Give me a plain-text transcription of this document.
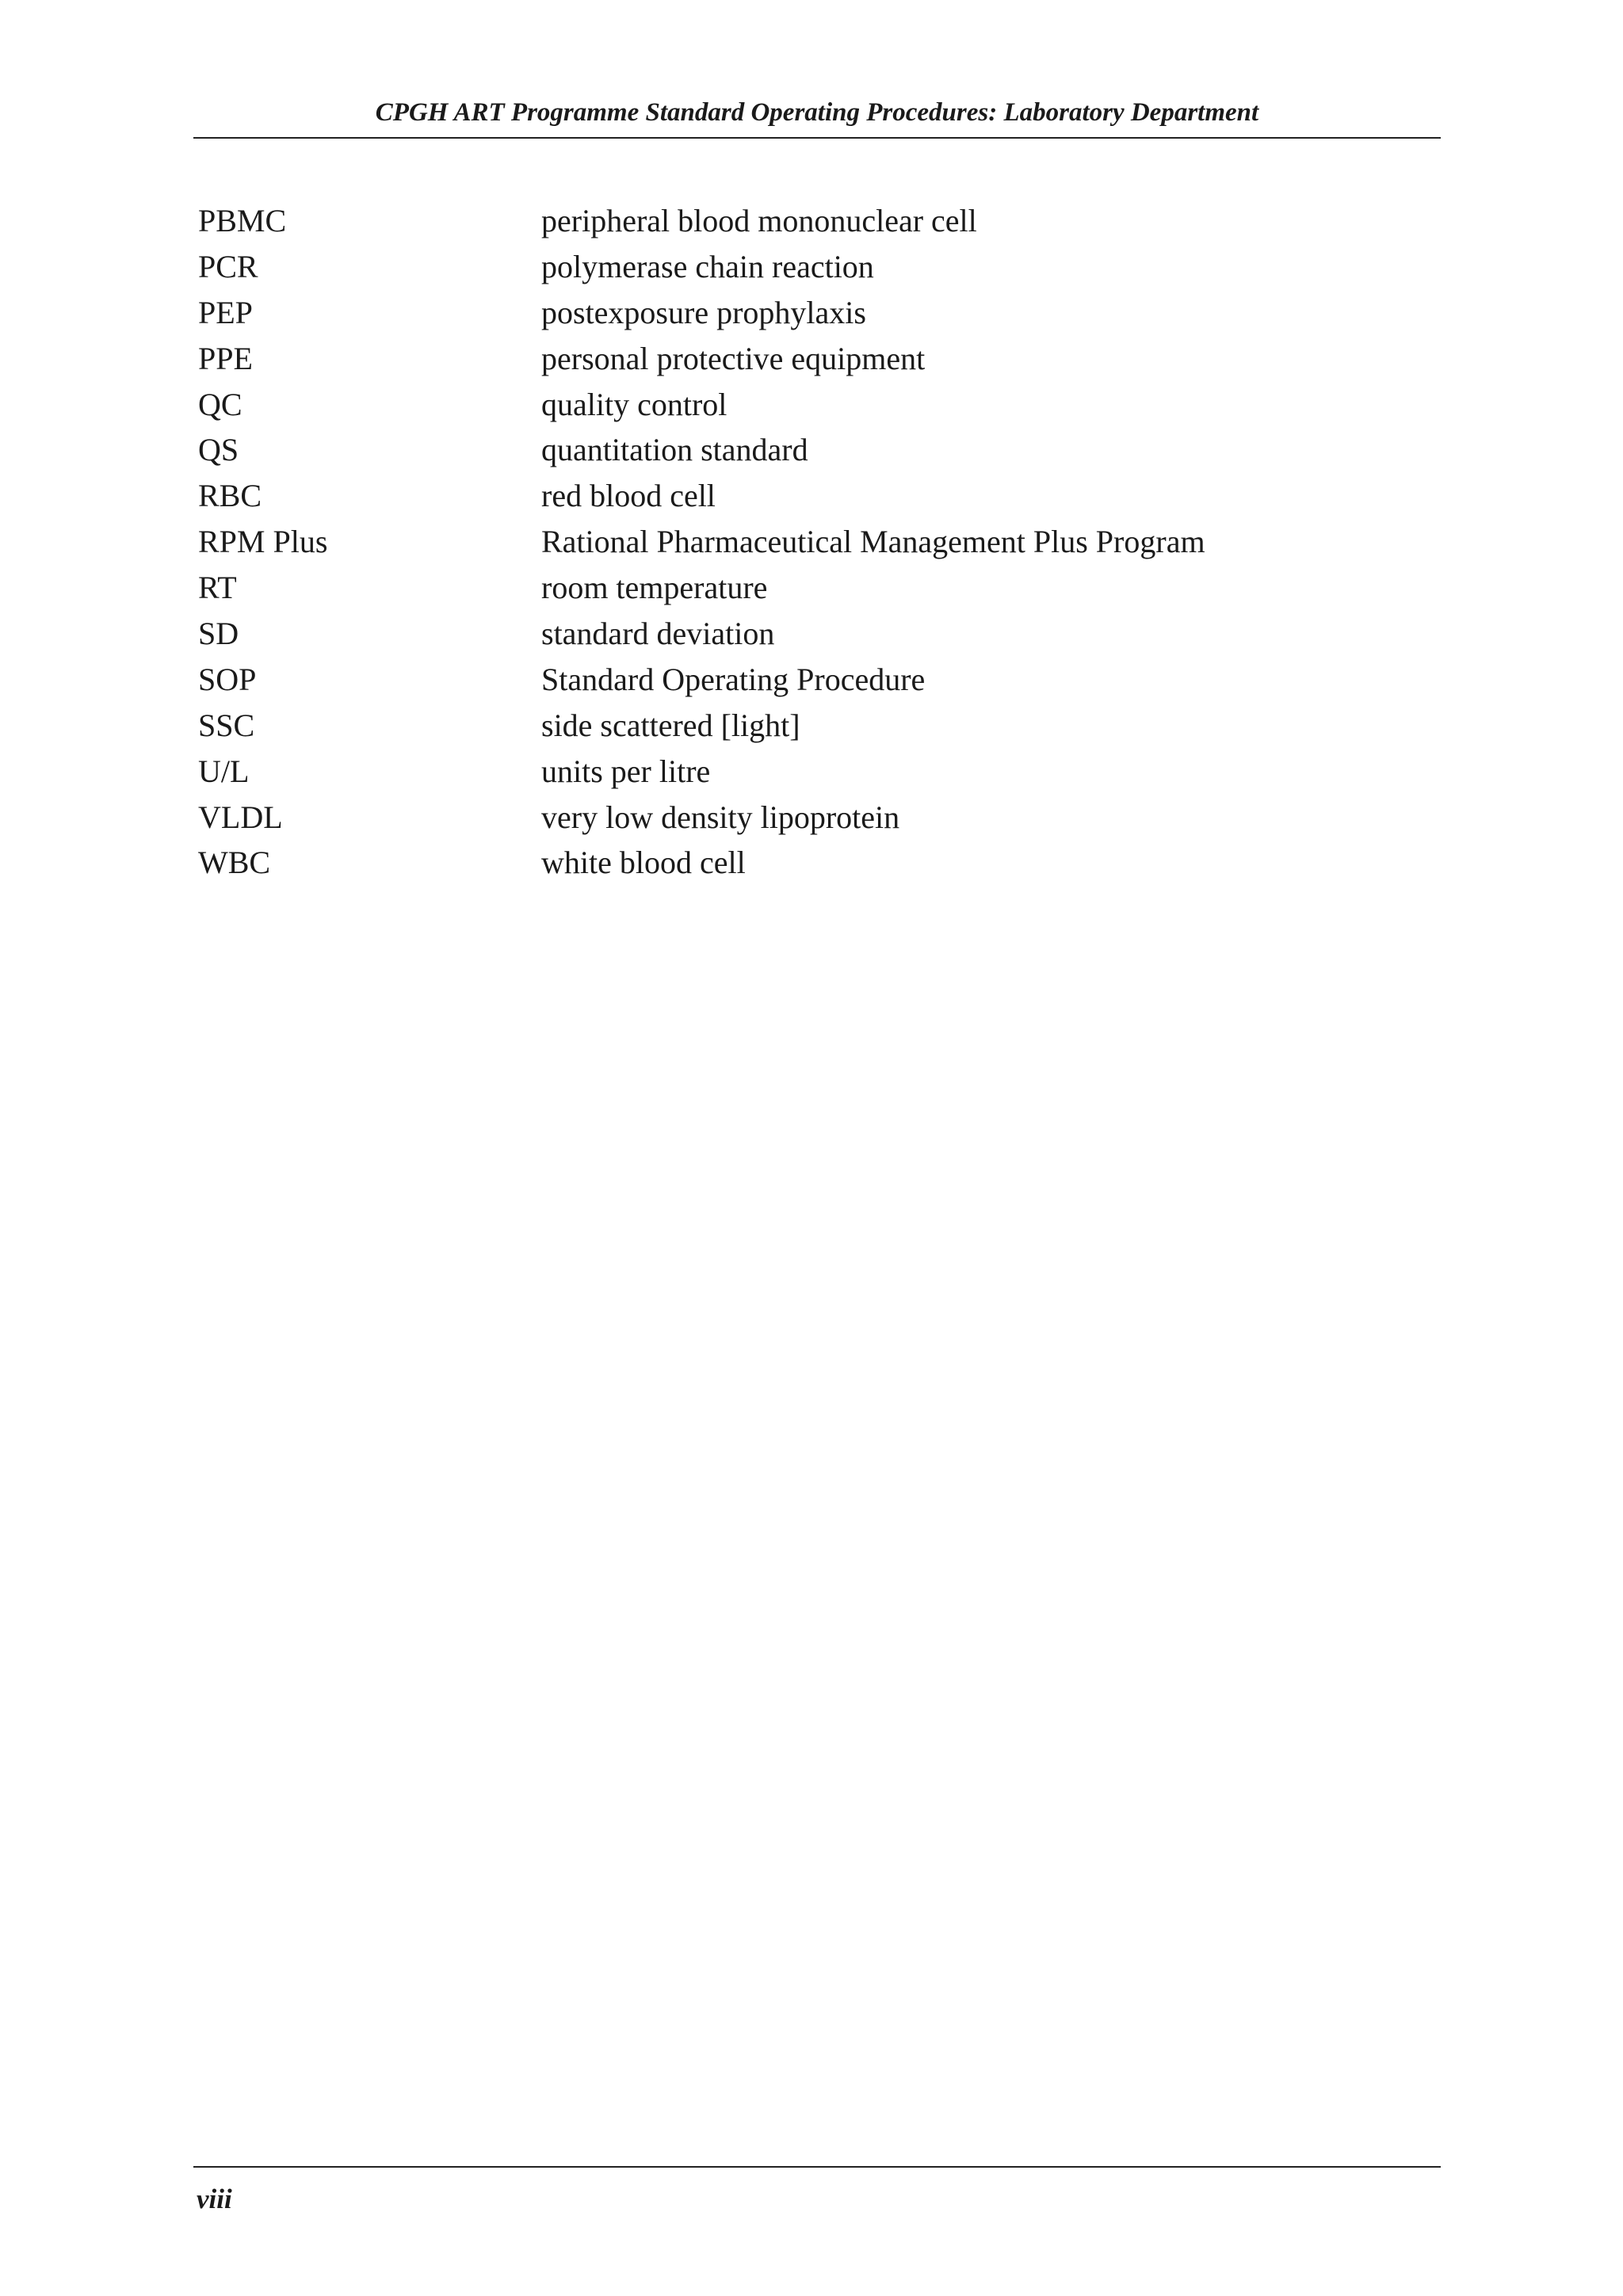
CPGH ART Programme Standard Operating Procedures: Laboratory Department
PBMC	peripheral blood mononuclear cell
PCR	polymerase chain reaction
PEP	postexposure prophylaxis
PPE	personal protective equipment
QC	quality control
QS	quantitation standard
RBC	red blood cell
RPM Plus	Rational Pharmaceutical Management Plus Program
RT	room temperature
SD	standard deviation
SOP	Standard Operating Procedure
SSC	side scattered [light]
U/L	units per litre
VLDL	very low density lipoprotein
WBC	white blood cell
viii
